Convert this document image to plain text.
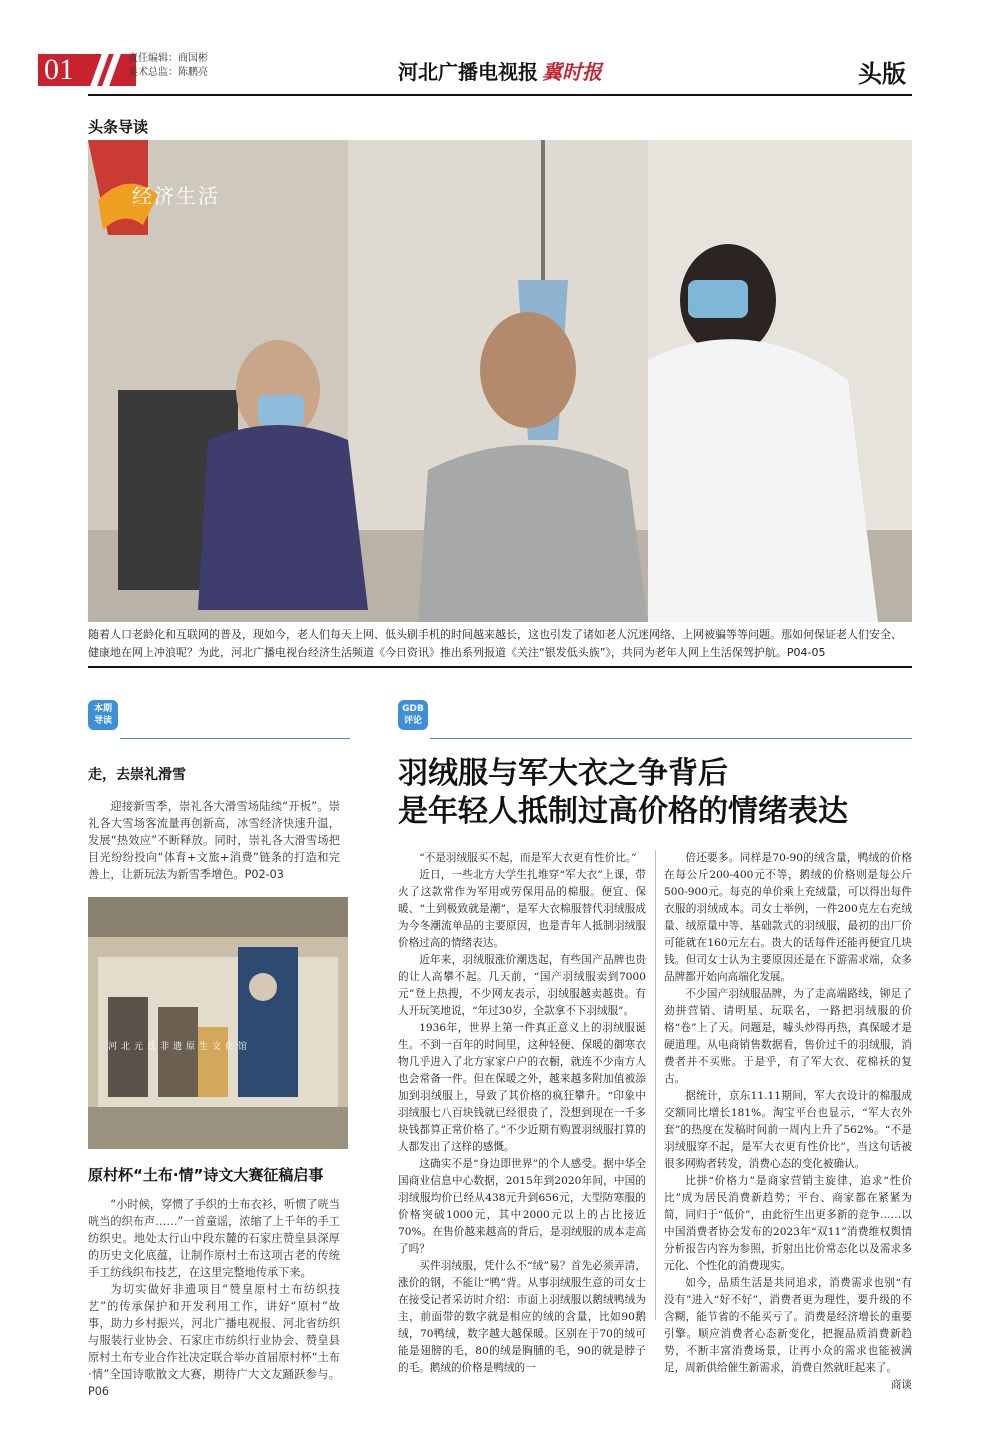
01	责任编辑：商国彬
美术总监：陈鹏亮	河北广播电视报 冀时报	头版
头条导读
经济生活
随着人口老龄化和互联网的普及，现如今，老人们每天上网、低头刷手机的时间越来越长，这也引发了诸如老人沉迷网络、上网被骗等等问题。那如何保证老人们安全、健康地在网上冲浪呢？为此，河北广播电视台经济生活频道《今日资讯》推出系列报道《关注“银发低头族”》，共同为老年人网上生活保驾护航。P04-05
本期
导读
走，去崇礼滑雪
迎接新雪季，崇礼各大滑雪场陆续“开板”。崇礼各大雪场客流量再创新高，冰雪经济快速升温，发展“热效应”不断释放。同时，崇礼各大滑雪场把目光纷纷投向“体育+文旅+消费”链条的打造和完善上，让新玩法为新雪季增色。P02-03
河北元氏非遗原生文化馆
原村杯“土布·情”诗文大赛征稿启事

“小时候，穿惯了手织的土布衣衫，听惯了咣当咣当的织布声……”一首童谣，浓缩了上千年的手工纺织史。地处太行山中段东麓的石家庄赞皇县深厚的历史文化底蕴，让制作原村土布这项古老的传统手工纺线织布技艺，在这里完整地传承下来。

为切实做好非遗项目“赞皇原村土布纺织技艺”的传承保护和开发利用工作，讲好“原村”故事，助力乡村振兴，河北广播电视报、河北省纺织与服装行业协会、石家庄市纺织行业协会、赞皇县原村土布专业合作社决定联合举办首届原村杯“土布·情”全国诗歌散文大赛，期待广大文友踊跃参与。P06

GDB
评论
羽绒服与军大衣之争背后
是年轻人抵制过高价格的情绪表达

“不是羽绒服买不起，而是军大衣更有性价比。”

近日，一些北方大学生扎堆穿“军大衣”上课，带火了这款常作为军用或劳保用品的棉服。便宜、保暖、“土到极致就是潮”，是军大衣棉服替代羽绒服成为今冬潮流单品的主要原因，也是青年人抵制羽绒服价格过高的情绪表达。

近年来，羽绒服涨价潮迭起，有些国产品牌也贵的让人高攀不起。几天前，“国产羽绒服卖到7000元”登上热搜，不少网友表示，羽绒服越卖越贵。有人开玩笑地说，“年过30岁，全款拿不下羽绒服”。

1936年，世界上第一件真正意义上的羽绒服诞生。不到一百年的时间里，这种轻便、保暖的御寒衣物几乎进入了北方家家户户的衣橱，就连不少南方人也会常备一件。但在保暖之外，越来越多附加值被添加到羽绒服上，导致了其价格的疯狂攀升。“印象中羽绒服七八百块钱就已经很贵了，没想到现在一千多块钱都算正常价格了。”不少近期有购置羽绒服打算的人都发出了这样的感慨。

这确实不是“身边即世界”的个人感受。据中华全国商业信息中心数据，2015年到2020年间，中国的羽绒服均价已经从438元升到656元，大型防寒服的价格突破1000元，其中2000元以上的占比接近70%。在售价越来越高的背后，是羽绒服的成本走高了吗？

买件羽绒服，凭什么不“绒”易？首先必须弄清，涨价的钢，不能让“鸭”背。从事羽绒服生意的司女士在接受记者采访时介绍：市面上羽绒服以鹅绒鸭绒为主，前面带的数字就是相应的绒的含量，比如90鹅绒，70鸭绒，数字越大越保暖。区别在于70的绒可能是翅膀的毛，80的绒是胸脯的毛，90的就是脖子的毛。鹅绒的价格是鸭绒的一

倍还要多。同样是70-90的绒含量，鸭绒的价格在每公斤200-400元不等，鹅绒的价格则是每公斤500-900元。每克的单价乘上充绒量，可以得出每件衣服的羽绒成本。司女士举例，一件200克左右充绒量、绒原量中等、基础款式的羽绒服，最初的出厂价可能就在160元左右。贵大的话每件还能再便宜几块钱。但司女士认为主要原因还是在下游需求端，众多品牌都开始向高端化发展。

不少国产羽绒服品牌，为了走高端路线，铆足了劲拼营销、请明星、玩联名，一路把羽绒服的价格“卷”上了天。问题是，噱头炒得再热，真保暖才是硬道理。从电商销售数据看，售价过千的羽绒服，消费者并不买账。于是乎，有了军大衣、花棉袄的复古。

据统计，京东11.11期间，军大衣设计的棉服成交额同比增长181%。淘宝平台也显示，“军大衣外套”的热度在发稿时间前一周内上升了562%。“不是羽绒服穿不起，是军大衣更有性价比”，当这句话被很多网购者转发，消费心态的变化被确认。

比拼“价格力”是商家营销主旋律，追求“性价比”成为居民消费新趋势；平台、商家都在紧紧为简，同归于“低价”，由此衍生出更多新的竞争……以中国消费者协会发布的2023年“双11”消费维权舆情分析报告内容为参照，折射出比价常态化以及需求多元化、个性化的消费现实。

如今，品质生活是共同追求，消费需求也别“有没有”进入“好不好”，消费者更为理性，要升级的不含糊，能节省的不能买亏了。消费是经济增长的重要引擎。顺应消费者心态新变化，把握品质消费新趋势，不断丰富消费场景，让再小众的需求也能被满足，周新供给催生新需求，消费自然就旺起来了。

商谈
